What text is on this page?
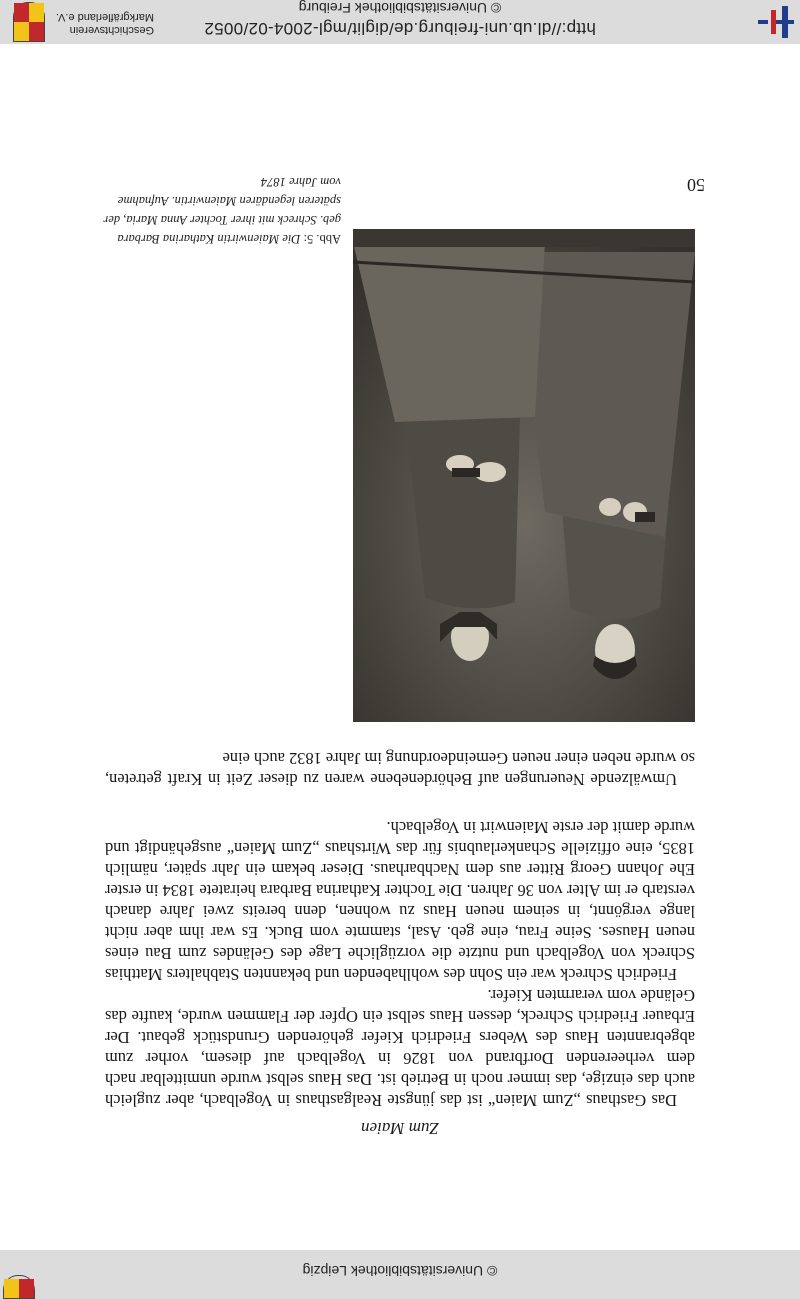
© Universitätsbibliothek Leipzig
Zum Maien

Das Gasthaus „Zum Maien“ ist das jüngste Realgasthaus in Vogelbach, aber zugleich auch das einzige, das immer noch in Betrieb ist. Das Haus selbst wurde unmittelbar nach dem verheerenden Dorfbrand von 1826 in Vogelbach auf diesem, vorher zum abgebrannten Haus des Webers Friedrich Kiefer gehörenden Grundstück gebaut. Der Erbauer Friedrich Schreck, dessen Haus selbst ein Opfer der Flammen wurde, kaufte das Gelände vom verarmten Kiefer.

Friedrich Schreck war ein Sohn des wohlhabenden und bekannten Stabhalters Matthias Schreck von Vogelbach und nutzte die vorzügliche Lage des Geländes zum Bau eines neuen Hauses. Seine Frau, eine geb. Asal, stammte vom Buck. Es war ihm aber nicht lange vergönnt, in seinem neuen Haus zu wohnen, denn bereits zwei Jahre danach verstarb er im Alter von 36 Jahren. Die Tochter Katharina Barbara heiratete 1834 in erster Ehe Johann Georg Ritter aus dem Nachbarhaus. Dieser bekam ein Jahr später, nämlich 1835, eine offizielle Schankerlaubnis für das Wirtshaus „Zum Maien“ ausgehändigt und wurde damit der erste Maienwirt in Vogelbach.

Umwälzende Neuerungen auf Behördenebene waren zu dieser Zeit in Kraft getreten, so wurde neben einer neuen Gemeindeordnung im Jahre 1832 auch eine

Abb. 5: Die Maienwirtin Katharina Barbara geb. Schreck mit ihrer Tochter Anna Maria, der späteren legendären Maienwirtin. Aufnahme vom Jahre 1874	50
http://dl.ub.uni-freiburg.de/diglit/mgl-2004-02/0052
© Universitätsbibliothek Freiburg
Geschichtsverein
Markgräflerland e.V.
